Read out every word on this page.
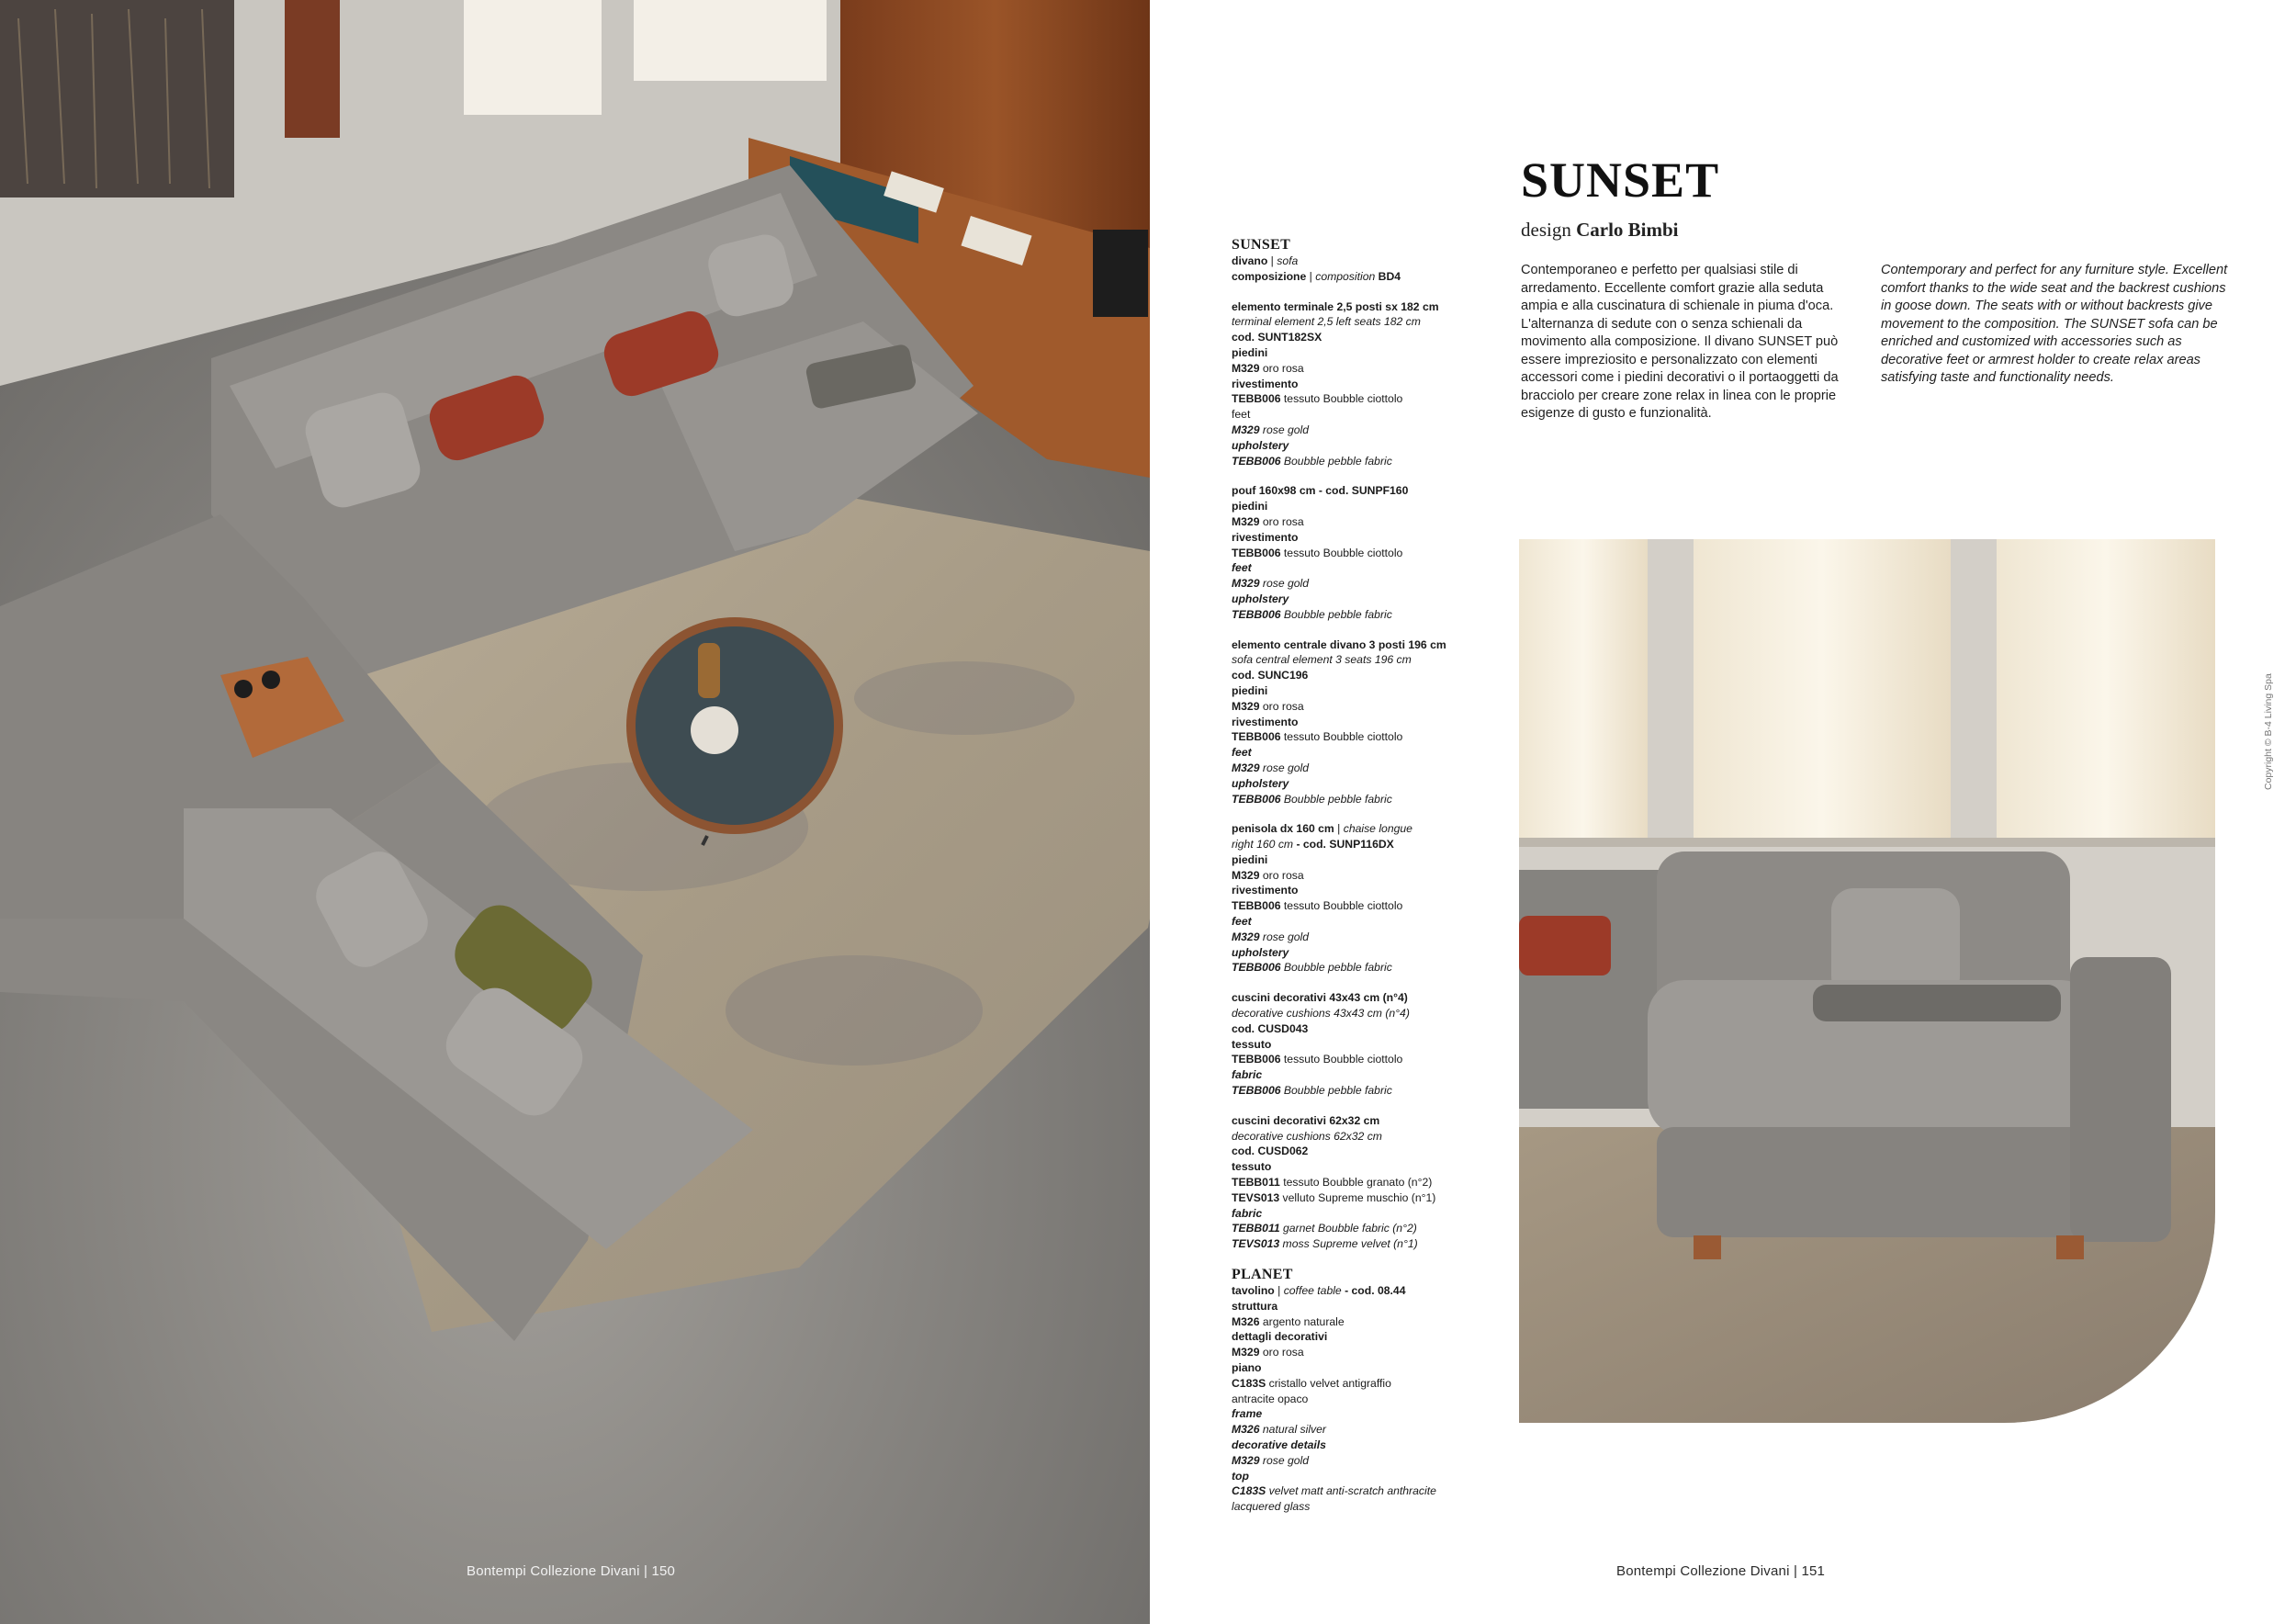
Bontempi Collezione Divani | 150
SUNSET
divano | sofa
composizione | composition BD4
elemento terminale 2,5 posti sx 182 cm
terminal element 2,5 left seats 182 cm
cod. SUNT182SX
piedini
M329 oro rosa
rivestimento
TEBB006 tessuto Boubble ciottolo
feet
M329 rose gold
upholstery
TEBB006 Boubble pebble fabric
pouf 160x98 cm - cod. SUNPF160
piedini
M329 oro rosa
rivestimento
TEBB006 tessuto Boubble ciottolo
feet
M329 rose gold
upholstery
TEBB006 Boubble pebble fabric
elemento centrale divano 3 posti 196 cm
sofa central element 3 seats 196 cm
cod. SUNC196
piedini
M329 oro rosa
rivestimento
TEBB006 tessuto Boubble ciottolo
feet
M329 rose gold
upholstery
TEBB006 Boubble pebble fabric
penisola dx 160 cm | chaise longue
right 160 cm - cod. SUNP116DX
piedini
M329 oro rosa
rivestimento
TEBB006 tessuto Boubble ciottolo
feet
M329 rose gold
upholstery
TEBB006 Boubble pebble fabric
cuscini decorativi 43x43 cm (n°4)
decorative cushions 43x43 cm (n°4)
cod. CUSD043
tessuto
TEBB006 tessuto Boubble ciottolo
fabric
TEBB006 Boubble pebble fabric
cuscini decorativi 62x32 cm
decorative cushions 62x32 cm
cod. CUSD062
tessuto
TEBB011 tessuto Boubble granato (n°2)
TEVS013 velluto Supreme muschio (n°1)
fabric
TEBB011 garnet Boubble fabric (n°2)
TEVS013 moss Supreme velvet (n°1)
PLANET
tavolino | coffee table - cod. 08.44
struttura
M326 argento naturale
dettagli decorativi
M329 oro rosa
piano
C183S cristallo velvet antigraffio
antracite opaco
frame
M326 natural silver
decorative details
M329 rose gold
top
C183S velvet matt anti-scratch anthracite
lacquered glass
SUNSET
design Carlo Bimbi
Contemporaneo e perfetto per qualsiasi stile di arredamento. Eccellente comfort grazie alla seduta ampia e alla cuscinatura di schienale in piuma d'oca. L'alternanza di sedute con o senza schienali da movimento alla composizione. Il divano SUNSET può essere impreziosito e personalizzato con elementi accessori come i piedini decorativi o il portaoggetti da bracciolo per creare zone relax in linea con le proprie esigenze di gusto e funzionalità.
Contemporary and perfect for any furniture style. Excellent comfort thanks to the wide seat and the backrest cushions in goose down. The seats with or without backrests give movement to the composition. The SUNSET sofa can be enriched and customized with accessories such as decorative feet or armrest holder to create relax areas satisfying taste and functionality needs.
Bontempi Collezione Divani | 151
Copyright © B-4 Living Spa
